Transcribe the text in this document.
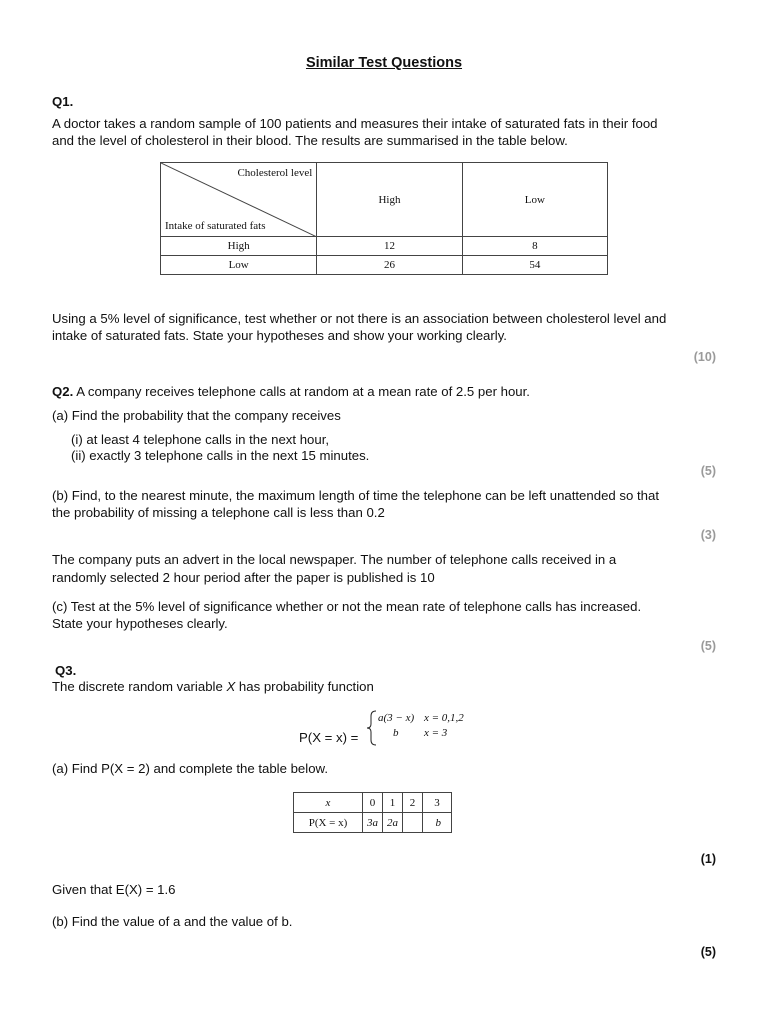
Similar Test Questions
Q1.
A doctor takes a random sample of 100 patients and measures their intake of saturated fats in their food
and the level of cholesterol in their blood. The results are summarised in the table below.
Cholesterol level
Intake of saturated fats	High	Low
High	12	8
Low	26	54
Using a 5% level of significance, test whether or not there is an association between cholesterol level and
intake of saturated fats. State your hypotheses and show your working clearly.
(10)
Q2. A company receives telephone calls at random at a mean rate of 2.5 per hour.
(a) Find the probability that the company receives
(i) at least 4 telephone calls in the next hour,
(ii) exactly 3 telephone calls in the next 15 minutes.
(5)
(b) Find, to the nearest minute, the maximum length of time the telephone can be left unattended so that
the probability of missing a telephone call is less than 0.2
(3)
The company puts an advert in the local newspaper. The number of telephone calls received in a
randomly selected 2 hour period after the paper is published is 10
(c) Test at the 5% level of significance whether or not the mean rate of telephone calls has increased.
State your hypotheses clearly.
(5)
Q3.
The discrete random variable X has probability function
P(X = x) =
a(3 − x) x = 0,1,2
b x = 3
(a) Find P(X = 2) and complete the table below.
x	0	1	2	3
P(X = x)	3a	2a		b
(1)
Given that E(X) = 1.6
(b) Find the value of a and the value of b.
(5)
